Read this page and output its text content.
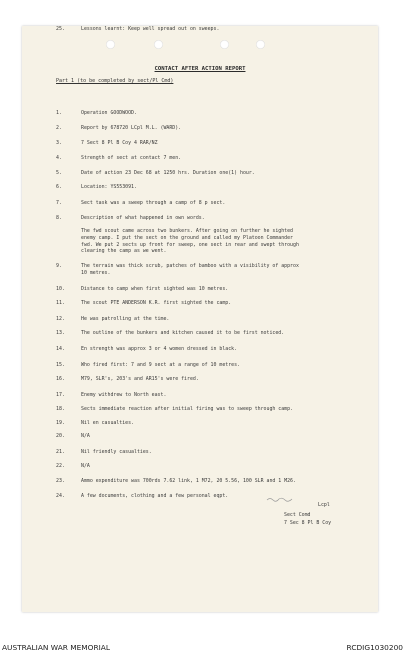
CONTACT AFTER ACTION REPORT
Part 1 (to be completed by sect/Pl Cmd)
1.	Operation GOODWOOD.
2.	Report by 678720 LCpl M.L. (WARD).
3.	7 Sect 8 Pl B Coy 4 RAR/NZ
4.	Strength of sect at contact 7 men.
5.	Date of action 23 Dec 68 at 1250 hrs. Duration one(1) hour.
6.	Location: YS553091.
7.	Sect task was a sweep through a camp of 8 p sect.
8.	Description of what happened in own words.
The fwd scout came across two bunkers. After going on further he sighted
enemy camp. I put the sect on the ground and called my Platoon Commander
fwd. We put 2 sects up front for sweep, one sect in rear and swept through
clearing the camp as we went.
9.	The terrain was thick scrub, patches of bamboo with a visibility of approx
10 metres.
10.	Distance to camp when first sighted was 10 metres.
11.	The scout PTE ANDERSON K.R. first sighted the camp.
12.	He was patrolling at the time.
13.	The outline of the bunkers and kitchen caused it to be first noticed.
14.	En strength was approx 3 or 4 women dressed in black.
15.	Who fired first: 7 and 9 sect at a range of 10 metres.
16.	M79, SLR's, 203's and AR15's were fired.
17.	Enemy withdrew to North east.
18.	Sects immediate reaction after initial firing was to sweep through camp.
19.	Nil en casualties.
20.	N/A
21.	Nil friendly casualties.
22.	N/A
23.	Ammo expenditure was 700rds 7.62 link, 1 M72, 20 5.56, 100 SLR and 1 M26.
24.	A few documents, clothing and a few personal eqpt.
25.	Lessons learnt: Keep well spread out on sweeps.
Lcpl
Sect Comd
7 Sec 8 Pl B Coy
AUSTRALIAN WAR MEMORIAL	RCDIG1030200
